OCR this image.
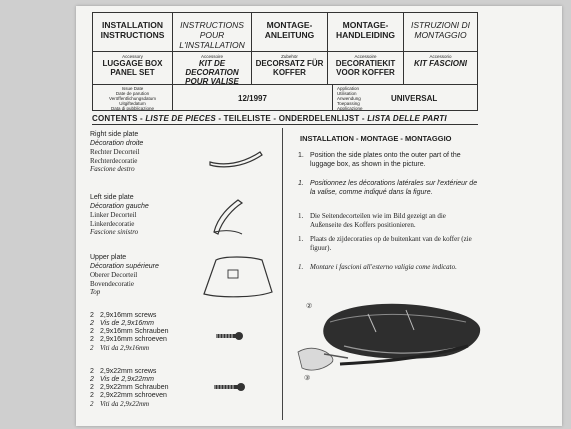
INSTALLATION
INSTRUCTIONS
INSTRUCTIONS POUR
L'INSTALLATION
MONTAGE-
ANLEITUNG
MONTAGE-
HANDLEIDING
ISTRUZIONI DI
MONTAGGIO
Accessory
LUGGAGE BOX
PANEL SET
Accessoire
KIT DE DECORATION
POUR VALISE
Zubehör
DECORSATZ FÜR
KOFFER
Accessoire
DECORATIEKIT
VOOR KOFFER
Accessorio
KIT FASCIONI
Issue Date
Date de parution
Veröffentlichungsdatum
Uitgiftedatum
Data di pubblicazione
12/1997
Application
Utilisation
Anwendung
Toepassing
Applicazione
UNIVERSAL
CONTENTS - LISTE DE PIECES - TEILELISTE - ONDERDELENLIJST - LISTA DELLE PARTI
Right side plate
Décoration droite
Rechter Decorteil
Rechterdecoratie
Fascione destro
Left side plate
Décoration gauche
Linker Decorteil
Linkerdecoratie
Fascione sinistro
Upper plate
Décoration supérieure
Oberer Decorteil
Bovendecoratie
Top
2 2,9x16mm screws
2 Vis de 2,9x16mm
2 2,9x16mm Schrauben
2 2,9x16mm schroeven
2 Viti da 2,9x16mm
2 2,9x22mm screws
2 Vis de 2,9x22mm
2 2,9x22mm Schrauben
2 2,9x22mm schroeven
2 Viti da 2,9x22mm
INSTALLATION - MONTAGE - MONTAGGIO
1. Position the side plates onto the outer part of the luggage box, as shown in the picture.
1. Positionnez les décorations latérales sur l'extérieur de la valise, comme indiqué dans la figure.
1. Die Seitendecorteilen wie im Bild gezeigt an die Außenseite des Koffers positionieren.
1. Plaats de zijdecoraties op de buitenkant van de koffer (zie figuur).
1. Montare i fascioni all'esterno valigia come indicato.
②
③
